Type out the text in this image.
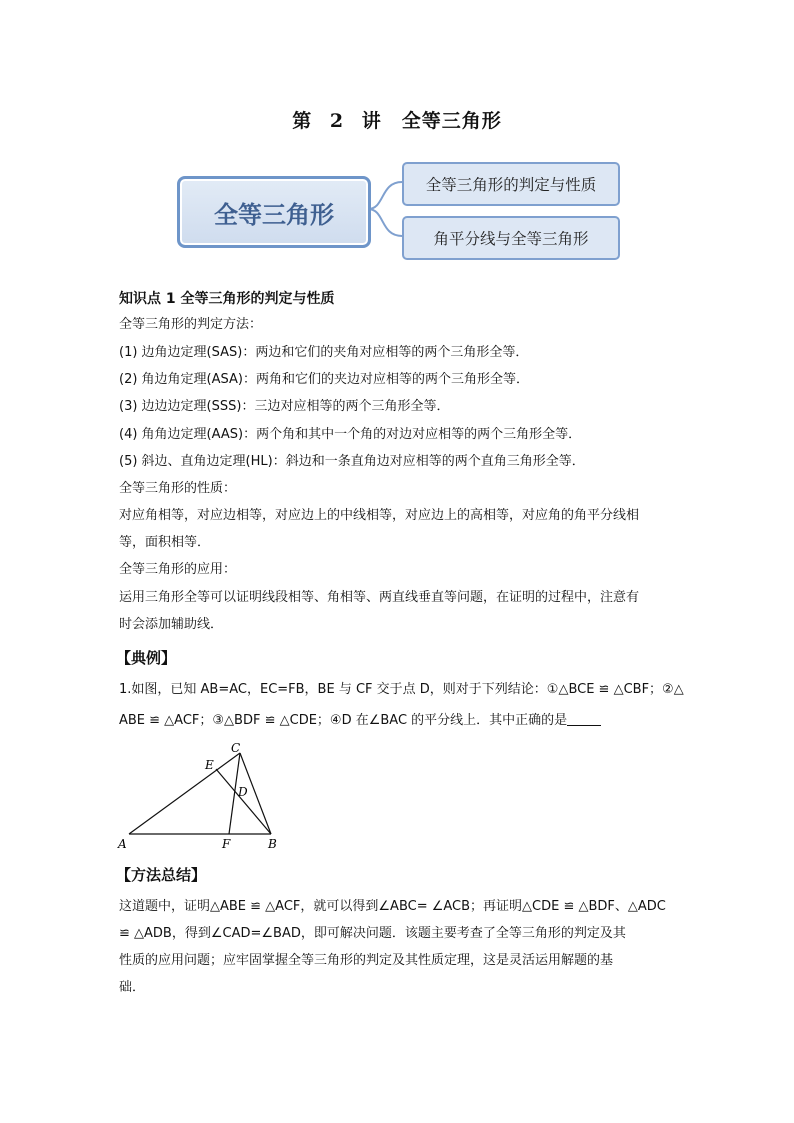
第 2 讲　全等三角形
全等三角形
全等三角形的判定与性质
角平分线与全等三角形
知识点 1 全等三角形的判定与性质
全等三角形的判定方法：
(1) 边角边定理(SAS)：两边和它们的夹角对应相等的两个三角形全等．
(2) 角边角定理(ASA)：两角和它们的夹边对应相等的两个三角形全等．
(3) 边边边定理(SSS)：三边对应相等的两个三角形全等．
(4) 角角边定理(AAS)：两个角和其中一个角的对边对应相等的两个三角形全等．
(5) 斜边、直角边定理(HL)：斜边和一条直角边对应相等的两个直角三角形全等．
全等三角形的性质：
对应角相等，对应边相等，对应边上的中线相等，对应边上的高相等，对应角的角平分线相
等，面积相等．
全等三角形的应用：
运用三角形全等可以证明线段相等、角相等、两直线垂直等问题，在证明的过程中，注意有
时会添加辅助线．
【典例】
1.如图，已知 AB=AC，EC=FB，BE 与 CF 交于点 D，则对于下列结论：①△BCE ≌ △CBF；②△
ABE ≌ △ACF；③△BDF ≌ △CDE；④D 在∠BAC 的平分线上．其中正确的是
A	B
C
D
E
F
【方法总结】
这道题中，证明△ABE ≌ △ACF，就可以得到∠ABC= ∠ACB；再证明△CDE ≌ △BDF、△ADC
≌ △ADB，得到∠CAD=∠BAD，即可解决问题．该题主要考查了全等三角形的判定及其
性质的应用问题；应牢固掌握全等三角形的判定及其性质定理，这是灵活运用解题的基
础．
